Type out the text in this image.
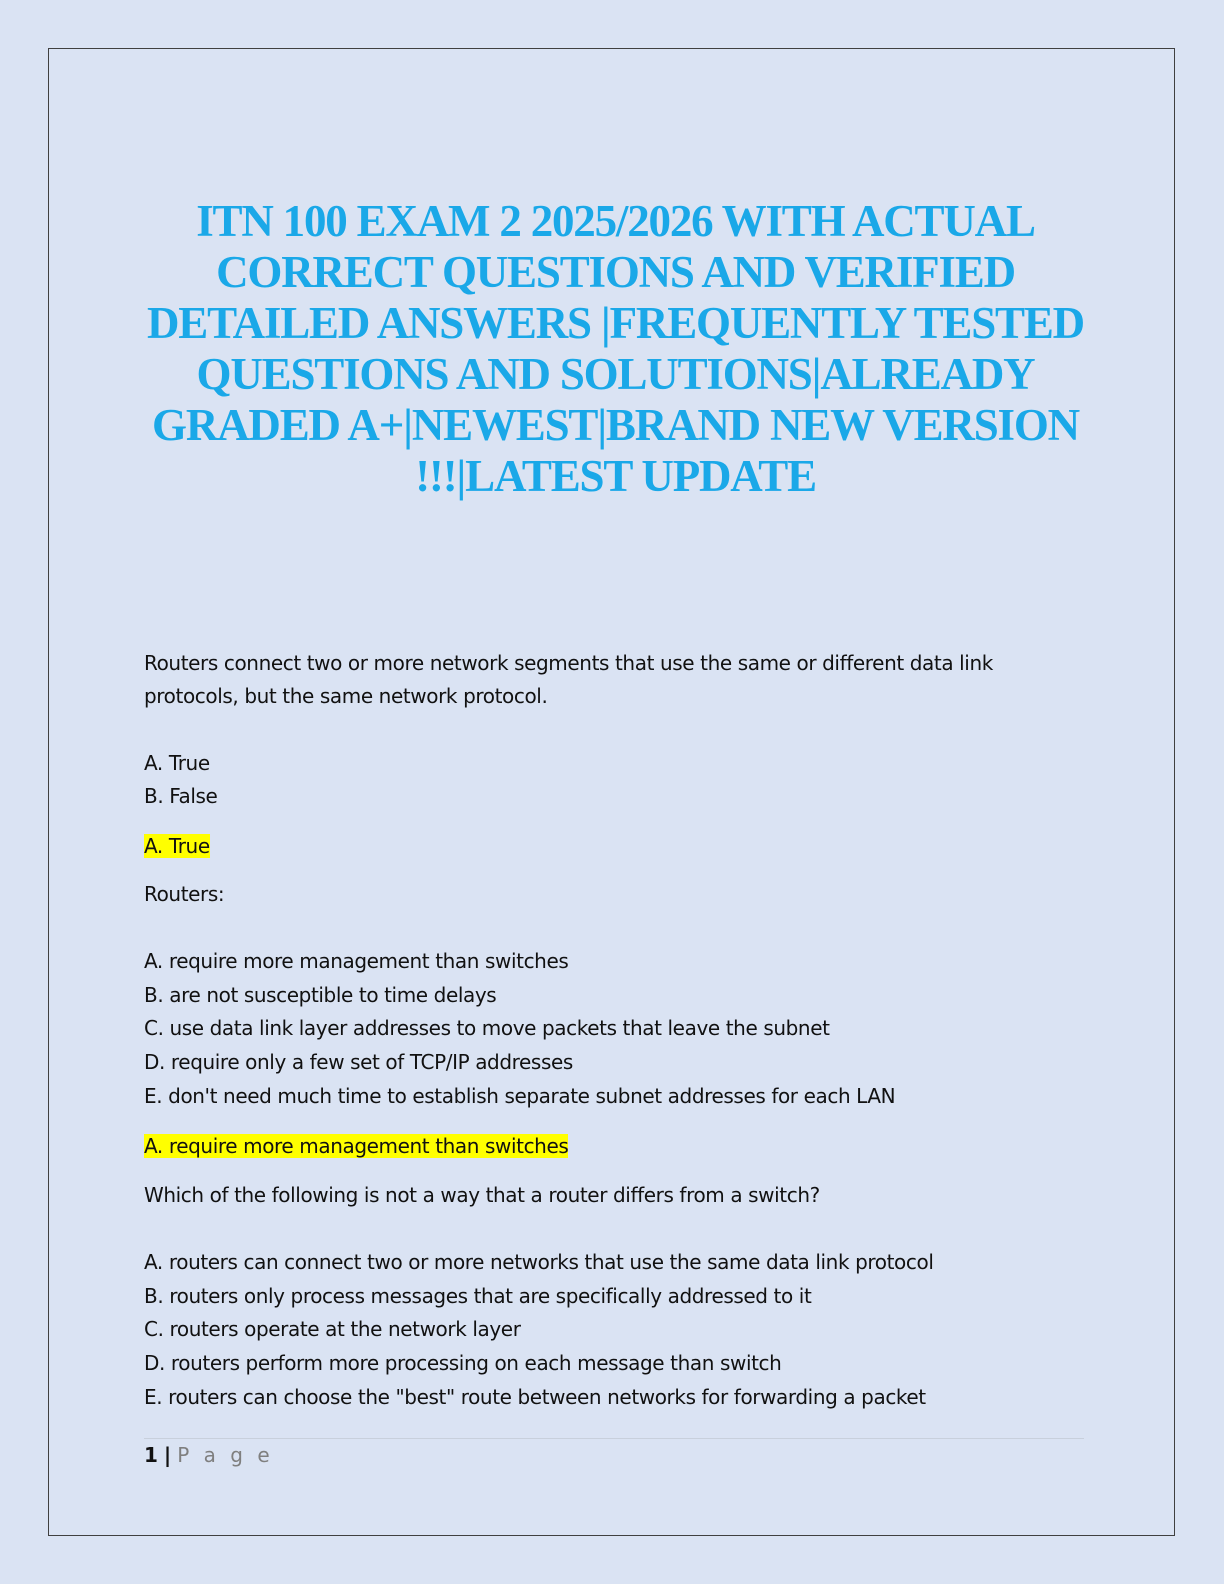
ITN 100 EXAM 2 2025/2026 WITH ACTUAL
CORRECT QUESTIONS AND VERIFIED
DETAILED ANSWERS |FREQUENTLY TESTED
QUESTIONS AND SOLUTIONS|ALREADY
GRADED A+|NEWEST|BRAND NEW VERSION
!!!|LATEST UPDATE
Routers connect two or more network segments that use the same or different data link
protocols, but the same network protocol.
A. True
B. False
A. True
Routers:
A. require more management than switches
B. are not susceptible to time delays
C. use data link layer addresses to move packets that leave the subnet
D. require only a few set of TCP/IP addresses
E. don't need much time to establish separate subnet addresses for each LAN
A. require more management than switches
Which of the following is not a way that a router differs from a switch?
A. routers can connect two or more networks that use the same data link protocol
B. routers only process messages that are specifically addressed to it
C. routers operate at the network layer
D. routers perform more processing on each message than switch
E. routers can choose the "best" route between networks for forwarding a packet
1 | P a g e
